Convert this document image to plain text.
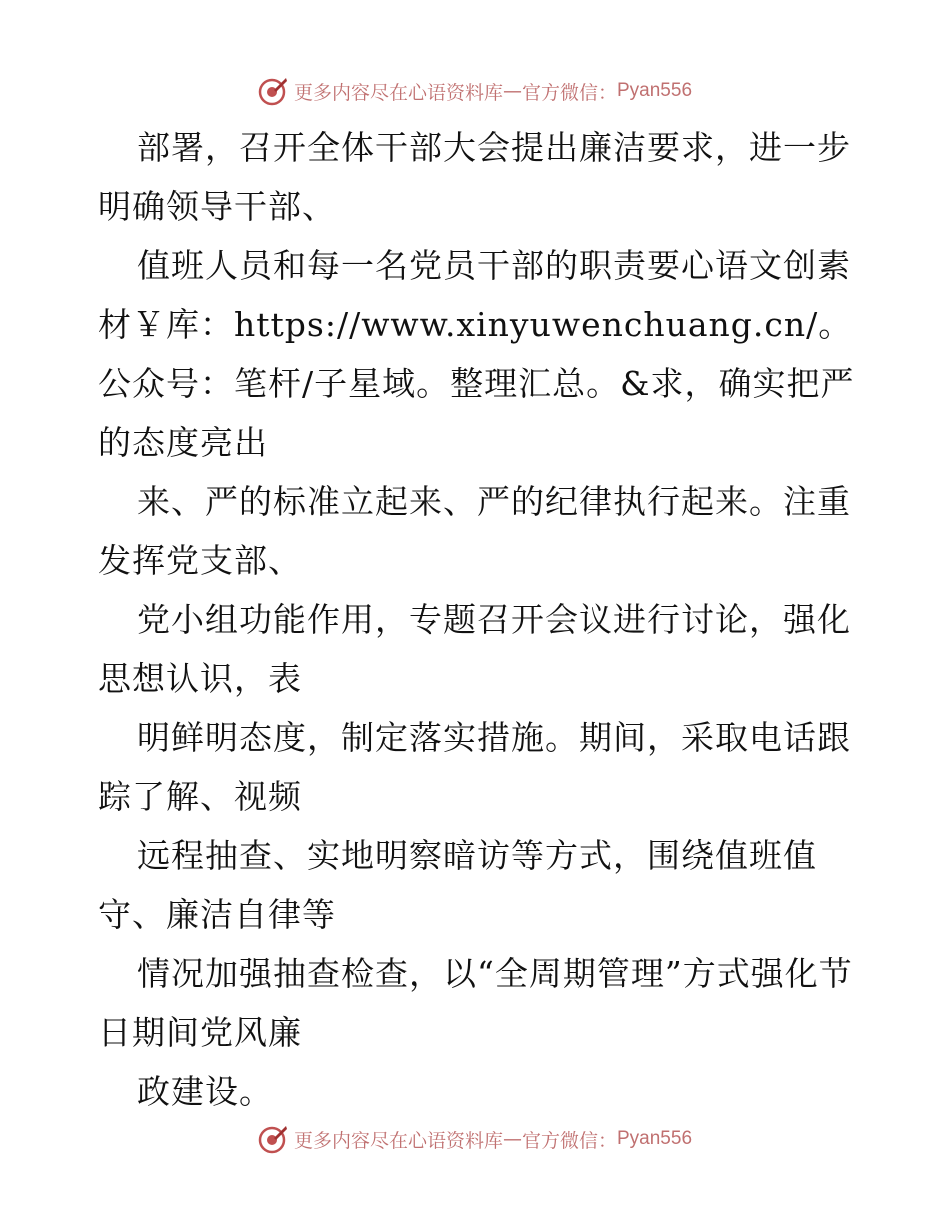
更多内容尽在心语资料库 — 官方微信： Pyan556

部署，召开全体干部大会提出廉洁要求，进一步明确领导干部、

值班人员和每一名党员干部的职责要心语文创素材￥库：https://www.xinyuwenchuang.cn/。公众号：笔杆/子星域。整理汇总。&求，确实把严的态度亮出

来、严的标准立起来、严的纪律执行起来。注重发挥党支部、

党小组功能作用，专题召开会议进行讨论，强化思想认识，表

明鲜明态度，制定落实措施。期间，采取电话跟踪了解、视频

远程抽查、实地明察暗访等方式，围绕值班值守、廉洁自律等

情况加强抽查检查，以“全周期管理”方式强化节日期间党风廉

政建设。

更多内容尽在心语资料库 — 官方微信： Pyan556
